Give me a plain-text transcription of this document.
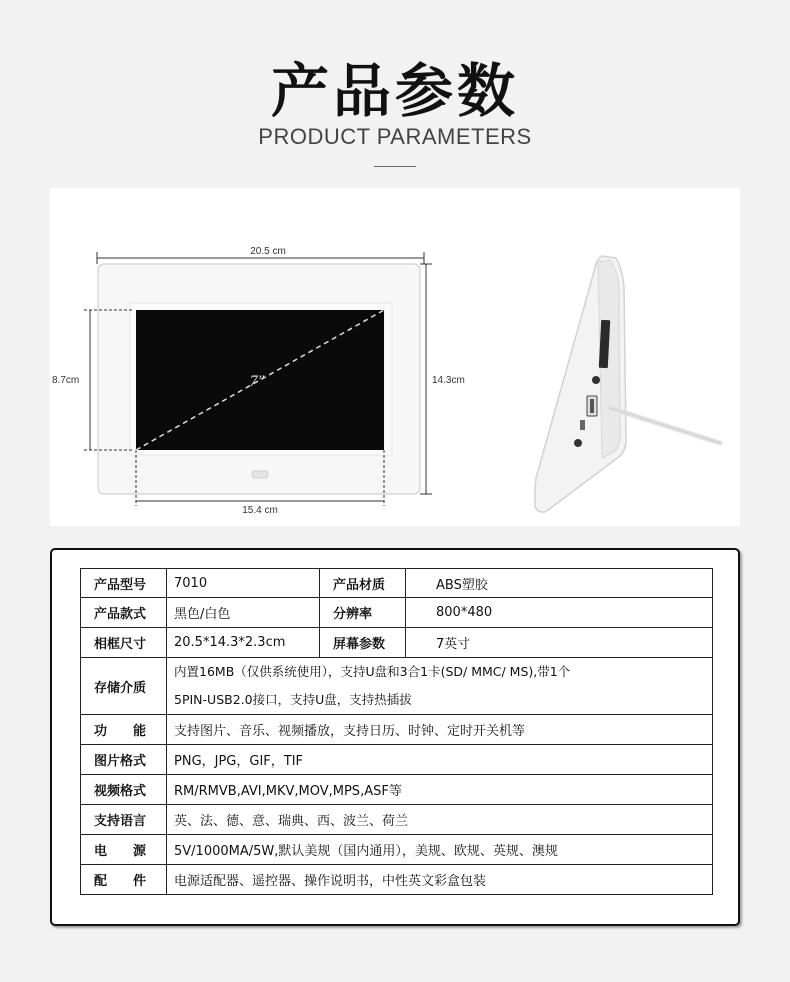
产品参数
PRODUCT PARAMETERS
20.5 cm
7"	14.3cm
8.7cm
15.4 cm
产品型号	7010	产品材质	ABS塑胶
产品款式	黑色/白色	分辨率	800*480
相框尺寸	20.5*14.3*2.3cm	屏幕参数	7英寸
存储介质	内置16MB（仅供系统使用），支持U盘和3合1卡(SD/ MMC/ MS),带1个
5PIN-USB2.0接口，支持U盘，支持热插拔		

功　　能	支持图片、音乐、视频播放，支持日历、时钟、定时开关机等		
图片格式	PNG，JPG，GIF，TIF		
视频格式	RM/RMVB,AVI,MKV,MOV,MPS,ASF等		
支持语言	英、法、德、意、瑞典、西、波兰、荷兰		
电　　源	5V/1000MA/5W,默认美规（国内通用），美规、欧规、英规、澳规		
配　　件	电源适配器、遥控器、操作说明书，中性英文彩盒包装		
